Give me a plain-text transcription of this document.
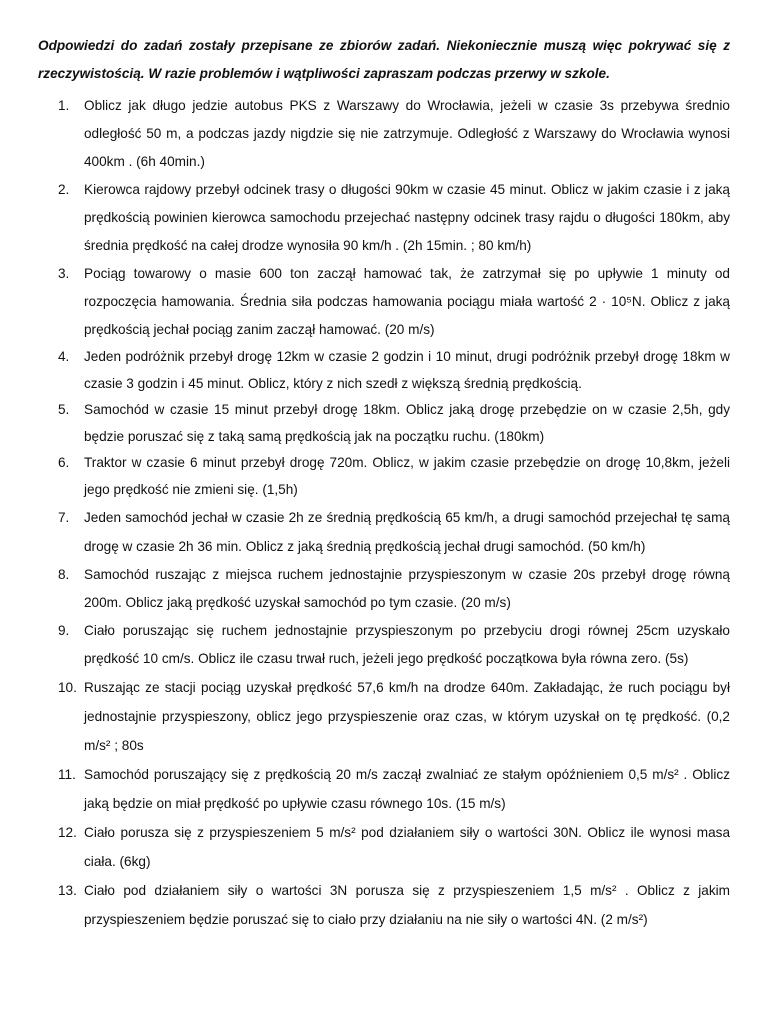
Odpowiedzi do zadań zostały przepisane ze zbiorów zadań. Niekoniecznie muszą więc pokrywać się z rzeczywistością. W razie problemów i wątpliwości zapraszam podczas przerwy w szkole.

1. Oblicz jak długo jedzie autobus PKS z Warszawy do Wrocławia, jeżeli w czasie 3s przebywa średnio odległość 50 m, a podczas jazdy nigdzie się nie zatrzymuje. Odległość z Warszawy do Wrocławia wynosi 400km . (6h 40min.)
2. Kierowca rajdowy przebył odcinek trasy o długości 90km w czasie 45 minut. Oblicz w jakim czasie i z jaką prędkością powinien kierowca samochodu przejechać następny odcinek trasy rajdu o długości 180km, aby średnia prędkość na całej drodze wynosiła 90 km/h . (2h 15min. ; 80 km/h)
3. Pociąg towarowy o masie 600 ton zaczął hamować tak, że zatrzymał się po upływie 1 minuty od rozpoczęcia hamowania. Średnia siła podczas hamowania pociągu miała wartość 2 · 10⁵N. Oblicz z jaką prędkością jechał pociąg zanim zaczął hamować. (20 m/s)
4. Jeden podróżnik przebył drogę 12km w czasie 2 godzin i 10 minut, drugi podróżnik przebył drogę 18km w czasie 3 godzin i 45 minut. Oblicz, który z nich szedł z większą średnią prędkością.
5. Samochód w czasie 15 minut przebył drogę 18km. Oblicz jaką drogę przebędzie on w czasie 2,5h, gdy będzie poruszać się z taką samą prędkością jak na początku ruchu. (180km)
6. Traktor w czasie 6 minut przebył drogę 720m. Oblicz, w jakim czasie przebędzie on drogę 10,8km, jeżeli jego prędkość nie zmieni się. (1,5h)
7. Jeden samochód jechał w czasie 2h ze średnią prędkością 65 km/h, a drugi samochód przejechał tę samą drogę w czasie 2h 36 min. Oblicz z jaką średnią prędkością jechał drugi samochód. (50 km/h)
8. Samochód ruszając z miejsca ruchem jednostajnie przyspieszonym w czasie 20s przebył drogę równą 200m. Oblicz jaką prędkość uzyskał samochód po tym czasie. (20 m/s)
9. Ciało poruszając się ruchem jednostajnie przyspieszonym po przebyciu drogi równej 25cm uzyskało prędkość 10 cm/s. Oblicz ile czasu trwał ruch, jeżeli jego prędkość początkowa była równa zero. (5s)
10. Ruszając ze stacji pociąg uzyskał prędkość 57,6 km/h na drodze 640m. Zakładając, że ruch pociągu był jednostajnie przyspieszony, oblicz jego przyspieszenie oraz czas, w którym uzyskał on tę prędkość. (0,2 m/s² ; 80s
11. Samochód poruszający się z prędkością 20 m/s zaczął zwalniać ze stałym opóźnieniem 0,5 m/s² . Oblicz jaką będzie on miał prędkość po upływie czasu równego 10s. (15 m/s)
12. Ciało porusza się z przyspieszeniem 5 m/s² pod działaniem siły o wartości 30N. Oblicz ile wynosi masa ciała. (6kg)
13. Ciało pod działaniem siły o wartości 3N porusza się z przyspieszeniem 1,5 m/s² . Oblicz z jakim przyspieszeniem będzie poruszać się to ciało przy działaniu na nie siły o wartości 4N. (2 m/s²)
